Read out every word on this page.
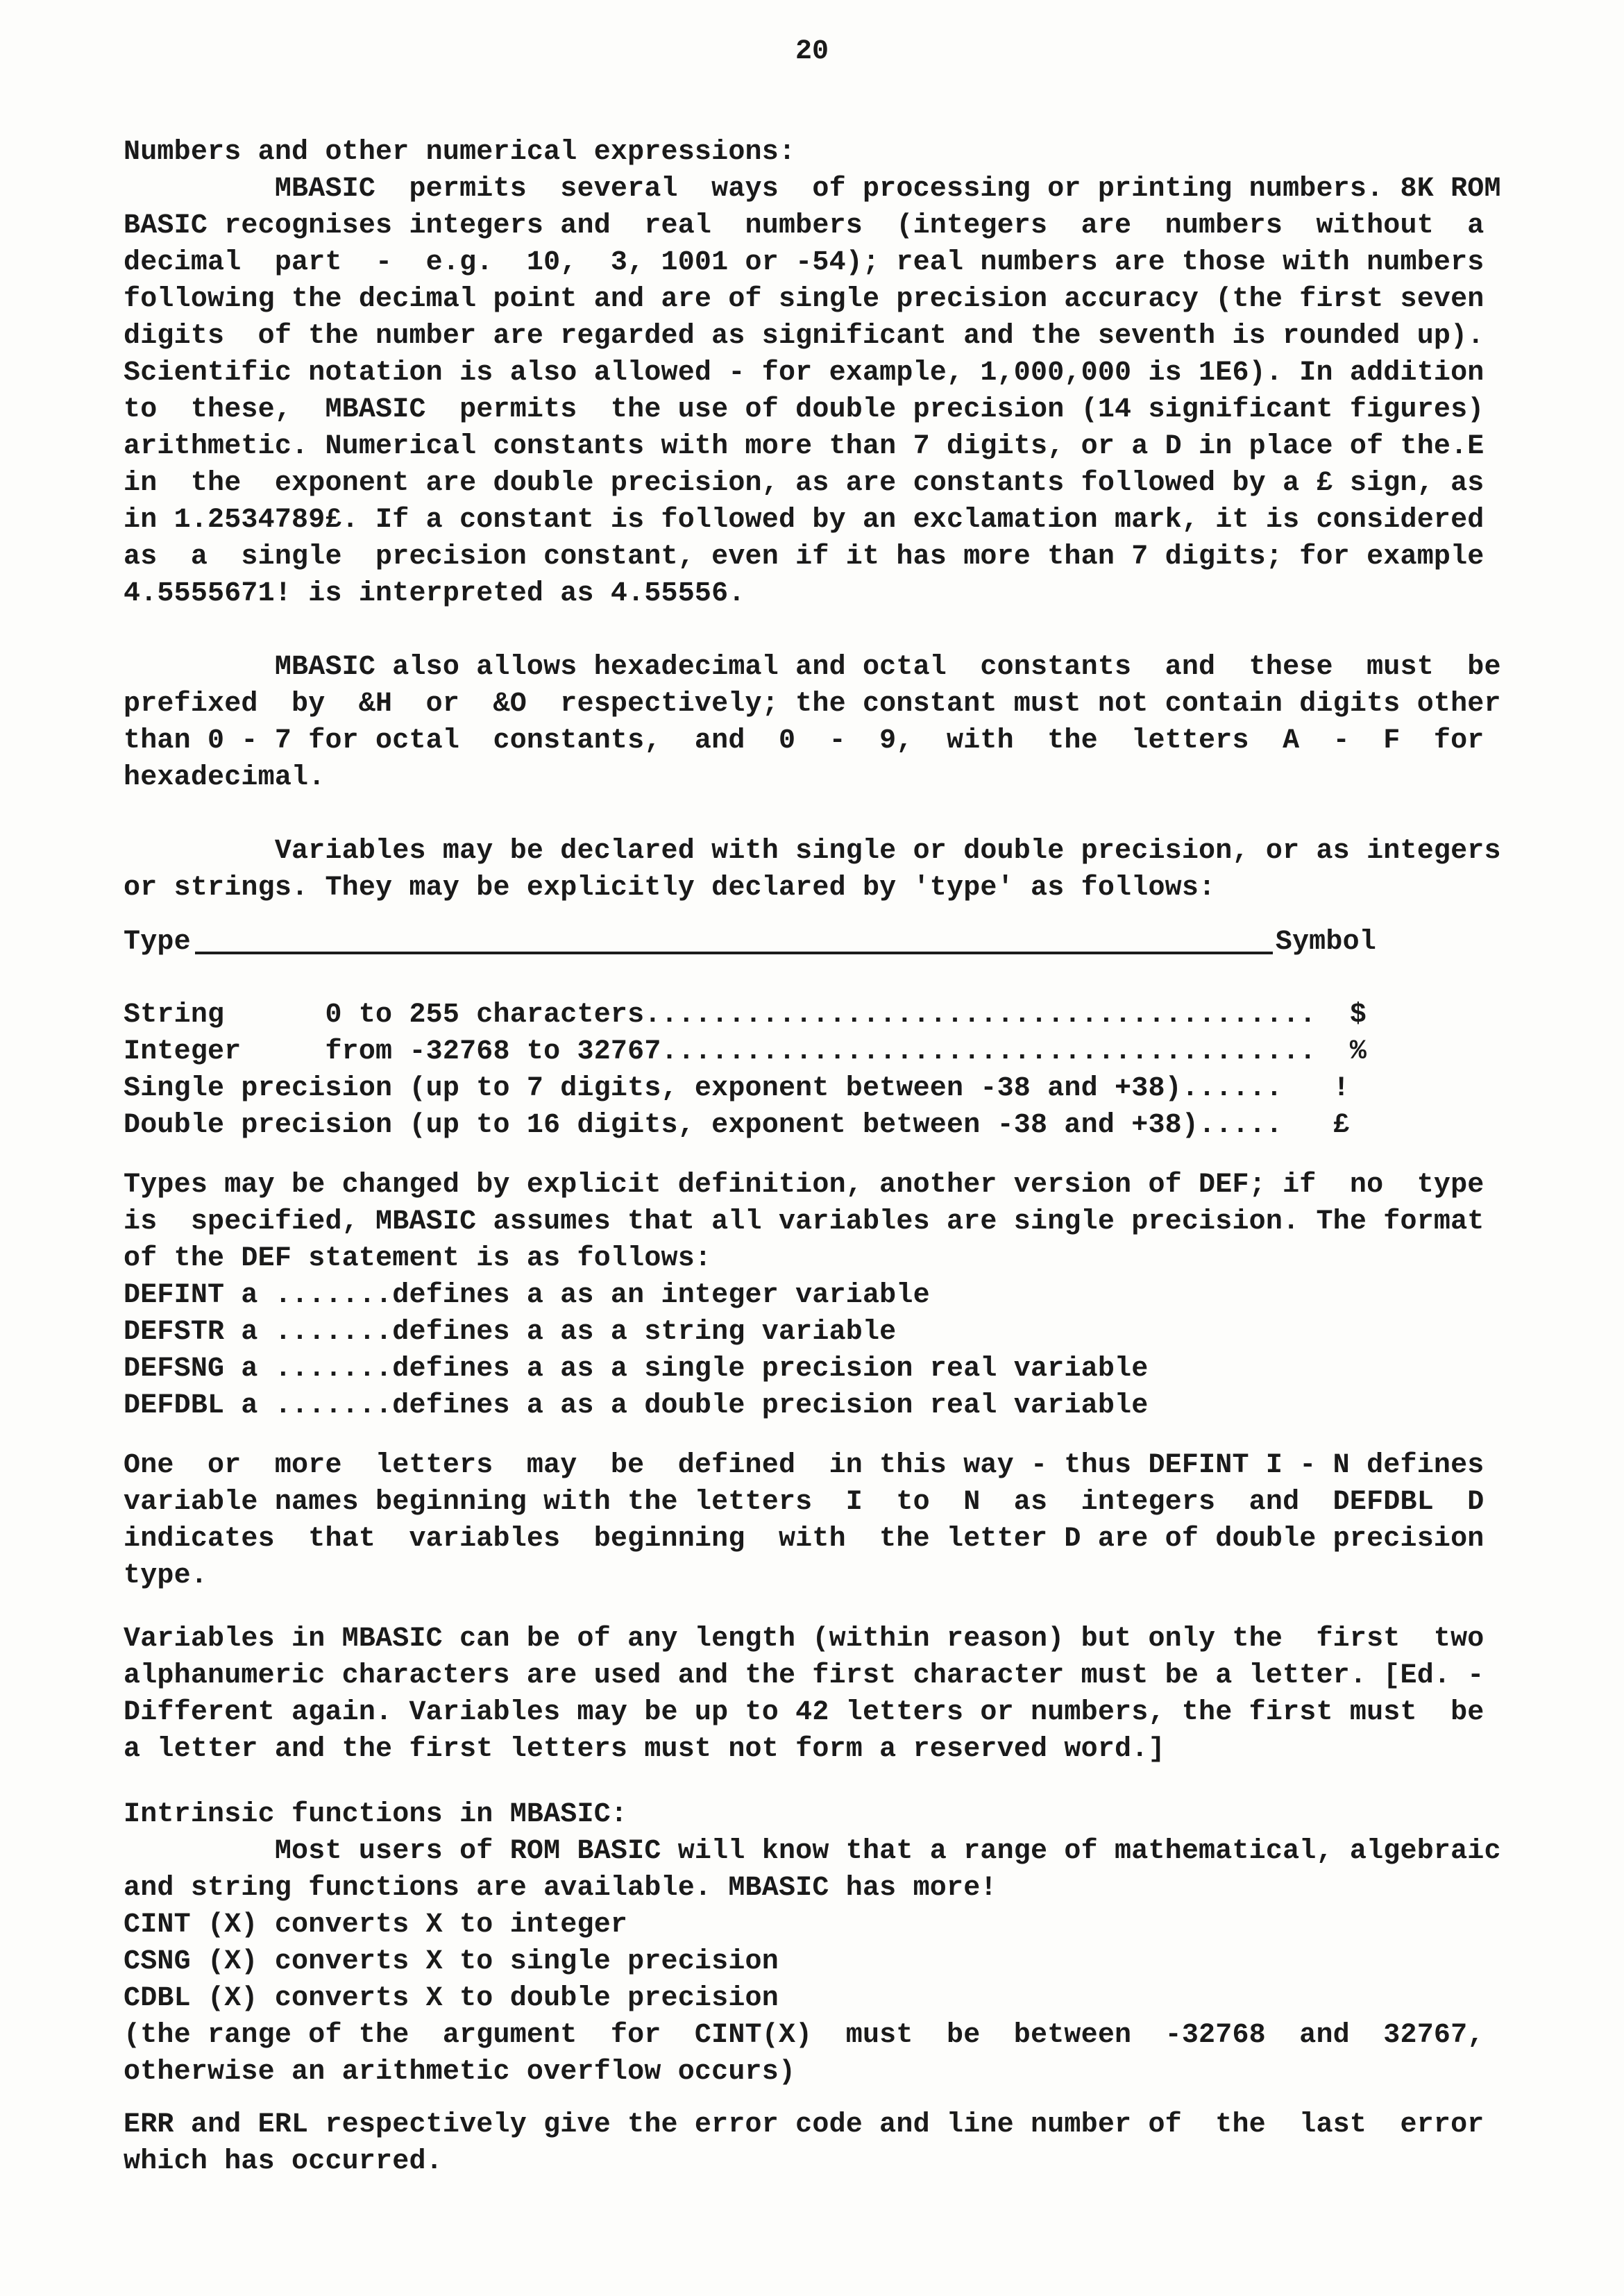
20
Numbers and other numerical expressions:
MBASIC  permits  several  ways  of processing or printing numbers. 8K ROM
BASIC recognises integers and  real  numbers  (integers  are  numbers  without  a
decimal  part  -  e.g.  10,  3, 1001 or -54); real numbers are those with numbers
following the decimal point and are of single precision accuracy (the first seven
digits  of the number are regarded as significant and the seventh is rounded up).
Scientific notation is also allowed - for example, 1,000,000 is 1E6). In addition
to  these,  MBASIC  permits  the use of double precision (14 significant figures)
arithmetic. Numerical constants with more than 7 digits, or a D in place of the.E
in  the  exponent are double precision, as are constants followed by a £ sign, as
in 1.2534789£. If a constant is followed by an exclamation mark, it is considered
as  a  single  precision constant, even if it has more than 7 digits; for example
4.5555671! is interpreted as 4.55556.
MBASIC also allows hexadecimal and octal  constants  and  these  must  be
prefixed  by  &H  or  &O  respectively; the constant must not contain digits other
than 0 - 7 for octal  constants,  and  0  -  9,  with  the  letters  A  -  F  for
hexadecimal.
Variables may be declared with single or double precision, or as integers
or strings. They may be explicitly declared by 'type' as follows:
Type	Symbol
String      0 to 255 characters........................................  $
Integer     from -32768 to 32767.......................................  %
Single precision (up to 7 digits, exponent between -38 and +38)......   !
Double precision (up to 16 digits, exponent between -38 and +38).....   £
Types may be changed by explicit definition, another version of DEF; if  no  type
is  specified, MBASIC assumes that all variables are single precision. The format
of the DEF statement is as follows:
DEFINT a .......defines a as an integer variable
DEFSTR a .......defines a as a string variable
DEFSNG a .......defines a as a single precision real variable
DEFDBL a .......defines a as a double precision real variable
One  or  more  letters  may  be  defined  in this way - thus DEFINT I - N defines
variable names beginning with the letters  I  to  N  as  integers  and  DEFDBL  D
indicates  that  variables  beginning  with  the letter D are of double precision
type.
Variables in MBASIC can be of any length (within reason) but only the  first  two
alphanumeric characters are used and the first character must be a letter. [Ed. -
Different again. Variables may be up to 42 letters or numbers, the first must  be
a letter and the first letters must not form a reserved word.]
Intrinsic functions in MBASIC:
Most users of ROM BASIC will know that a range of mathematical, algebraic
and string functions are available. MBASIC has more!
CINT (X) converts X to integer
CSNG (X) converts X to single precision
CDBL (X) converts X to double precision
(the range of the  argument  for  CINT(X)  must  be  between  -32768  and  32767,
otherwise an arithmetic overflow occurs)
ERR and ERL respectively give the error code and line number of  the  last  error
which has occurred.
